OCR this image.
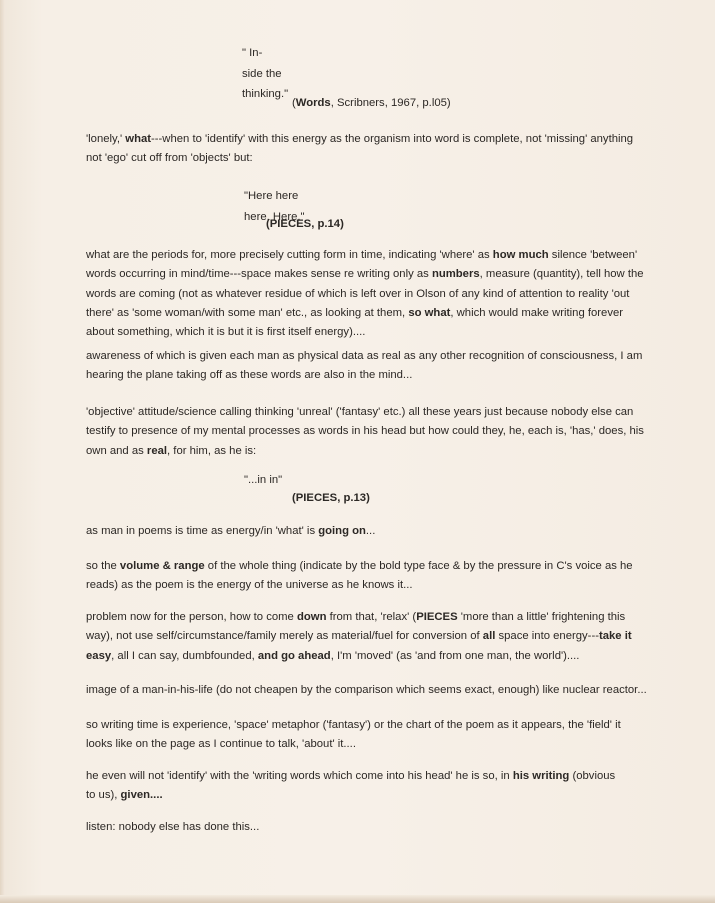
" In-
side the
thinking."
(Words, Scribners, 1967, p.l05)
'lonely,' what---when to 'identify' with this energy as the organism into word is complete, not 'missing' anything
not 'ego' cut off from 'objects' but:
"Here here
here. Here."
(PIECES, p.14)
what are the periods for, more precisely cutting form in time, indicating 'where' as how much silence 'between'
words occurring in mind/time---space makes sense re writing only as numbers, measure (quantity), tell how the
words are coming (not as whatever residue of which is left over in Olson of any kind of attention to reality 'out
there' as 'some woman/with some man' etc., as looking at them, so what, which would make writing forever
about something, which it is but it is first itself energy)....
awareness of which is given each man as physical data as real as any other recognition of consciousness, I am
hearing the plane taking off as these words are also in the mind...
'objective' attitude/science calling thinking 'unreal' ('fantasy' etc.) all these years just because nobody else can
testify to presence of my mental processes as words in his head but how could they, he, each is, 'has,' does, his
own and as real, for him, as he is:
"...in in"
(PIECES, p.13)
as man in poems is time as energy/in 'what' is going on...
so the volume & range of the whole thing (indicate by the bold type face & by the pressure in C's voice as he
reads) as the poem is the energy of the universe as he knows it...
problem now for the person, how to come down from that, 'relax' (PIECES 'more than a little' frightening this
way), not use self/circumstance/family merely as material/fuel for conversion of all space into energy---take it
easy, all I can say, dumbfounded, and go ahead, I'm 'moved' (as 'and from one man, the world')....
image of a man-in-his-life (do not cheapen by the comparison which seems exact, enough) like nuclear reactor...
so writing time is experience, 'space' metaphor ('fantasy') or the chart of the poem as it appears, the 'field' it
looks like on the page as I continue to talk, 'about' it....
he even will not 'identify' with the 'writing words which come into his head' he is so, in his writing (obvious
to us), given....
listen: nobody else has done this...
